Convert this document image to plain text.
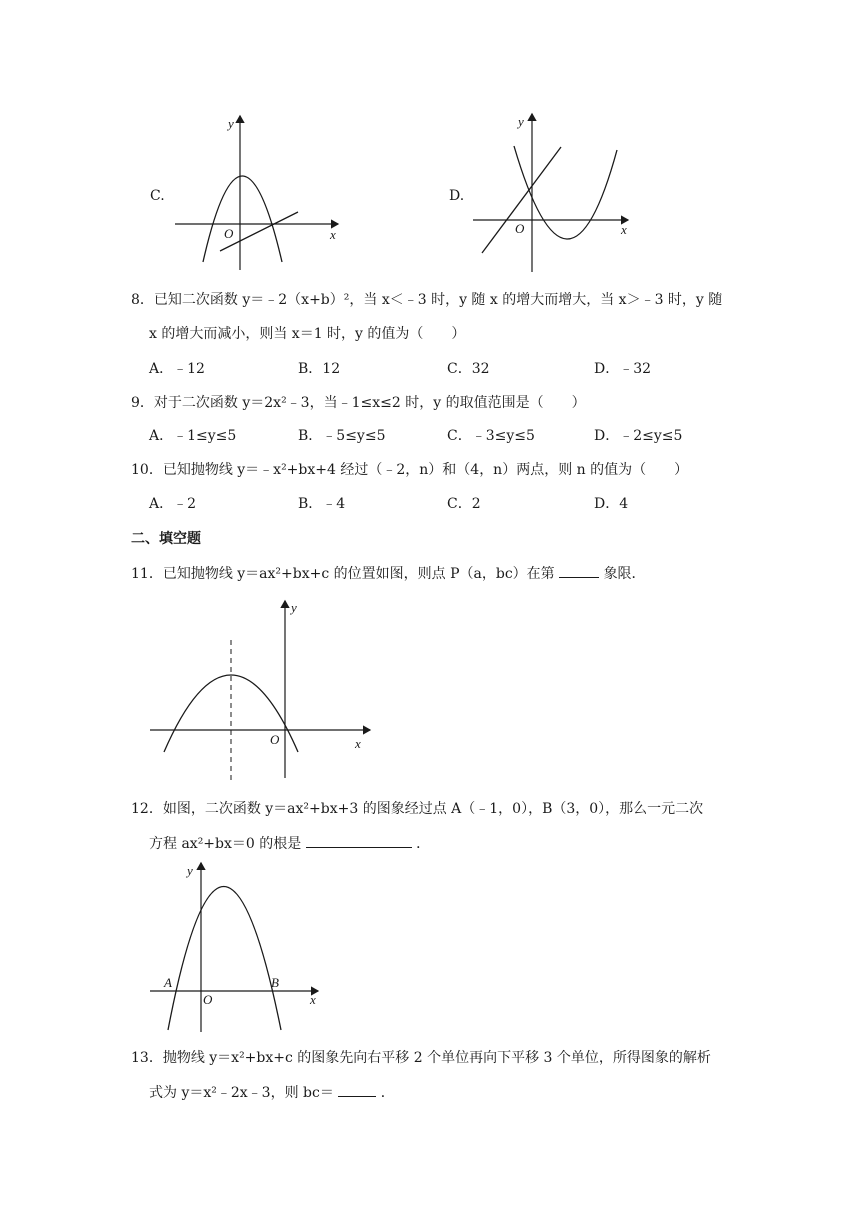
C.
y
x
O
D.
y
x
O
8．已知二次函数 y＝﹣2（x+b）²，当 x＜﹣3 时，y 随 x 的增大而增大，当 x＞﹣3 时，y 随
x 的增大而减小，则当 x＝1 时，y 的值为（　　）
A．﹣12	B．12	C．32	D．﹣32
9．对于二次函数 y＝2x²﹣3，当﹣1≤x≤2 时，y 的取值范围是（　　）
A．﹣1≤y≤5	B．﹣5≤y≤5	C．﹣3≤y≤5	D．﹣2≤y≤5
10．已知抛物线 y＝﹣x²+bx+4 经过（﹣2，n）和（4，n）两点，则 n 的值为（　　）
A．﹣2	B．﹣4	C．2	D．4
二、填空题
11．已知抛物线 y＝ax²+bx+c 的位置如图，则点 P（a，bc）在第	象限．
y
x
O
12．如图，二次函数 y＝ax²+bx+3 的图象经过点 A（﹣1，0），B（3，0），那么一元二次
方程 ax²+bx＝0 的根是	．
y
x
O
A	B
13．抛物线 y＝x²+bx+c 的图象先向右平移 2 个单位再向下平移 3 个单位，所得图象的解析
式为 y＝x²﹣2x﹣3，则 bc＝	．
